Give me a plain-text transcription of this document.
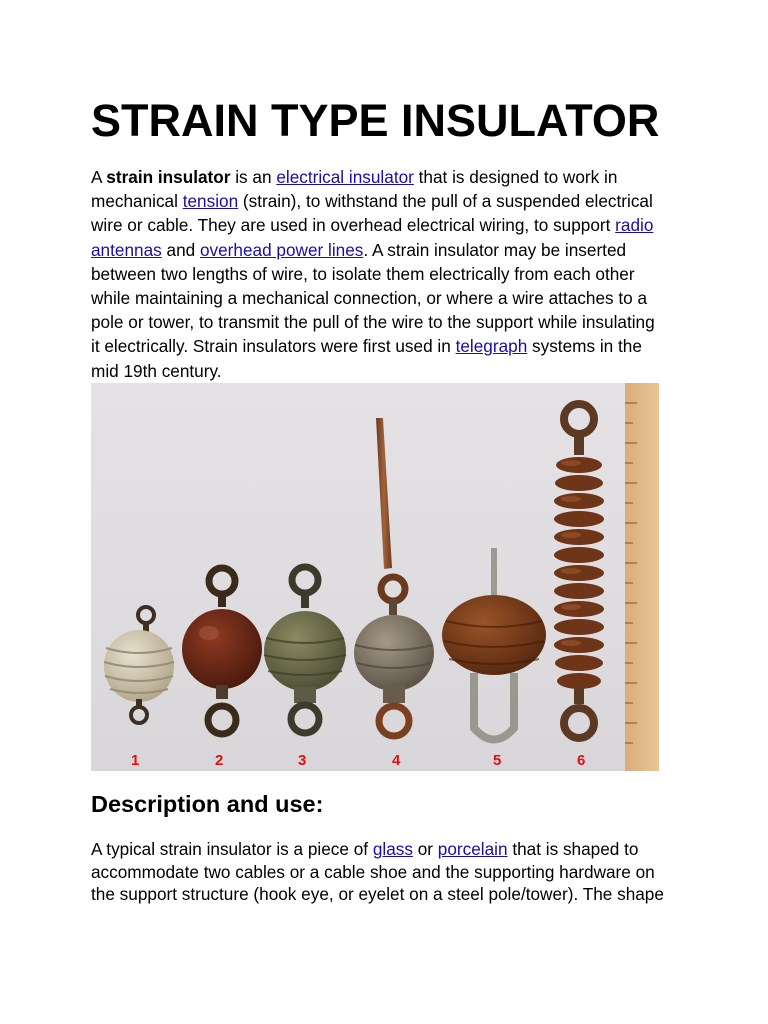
STRAIN TYPE INSULATOR

A strain insulator is an electrical insulator that is designed to work in
mechanical tension (strain), to withstand the pull of a suspended electrical
wire or cable. They are used in overhead electrical wiring, to support radio
antennas and overhead power lines. A strain insulator may be inserted
between two lengths of wire, to isolate them electrically from each other
while maintaining a mechanical connection, or where a wire attaches to a
pole or tower, to transmit the pull of the wire to the support while insulating
it electrically. Strain insulators were first used in telegraph systems in the
mid 19th century.

1	2	3	4	5	6
Description and use:

A typical strain insulator is a piece of glass or porcelain that is shaped to
accommodate two cables or a cable shoe and the supporting hardware on
the support structure (hook eye, or eyelet on a steel pole/tower). The shape
